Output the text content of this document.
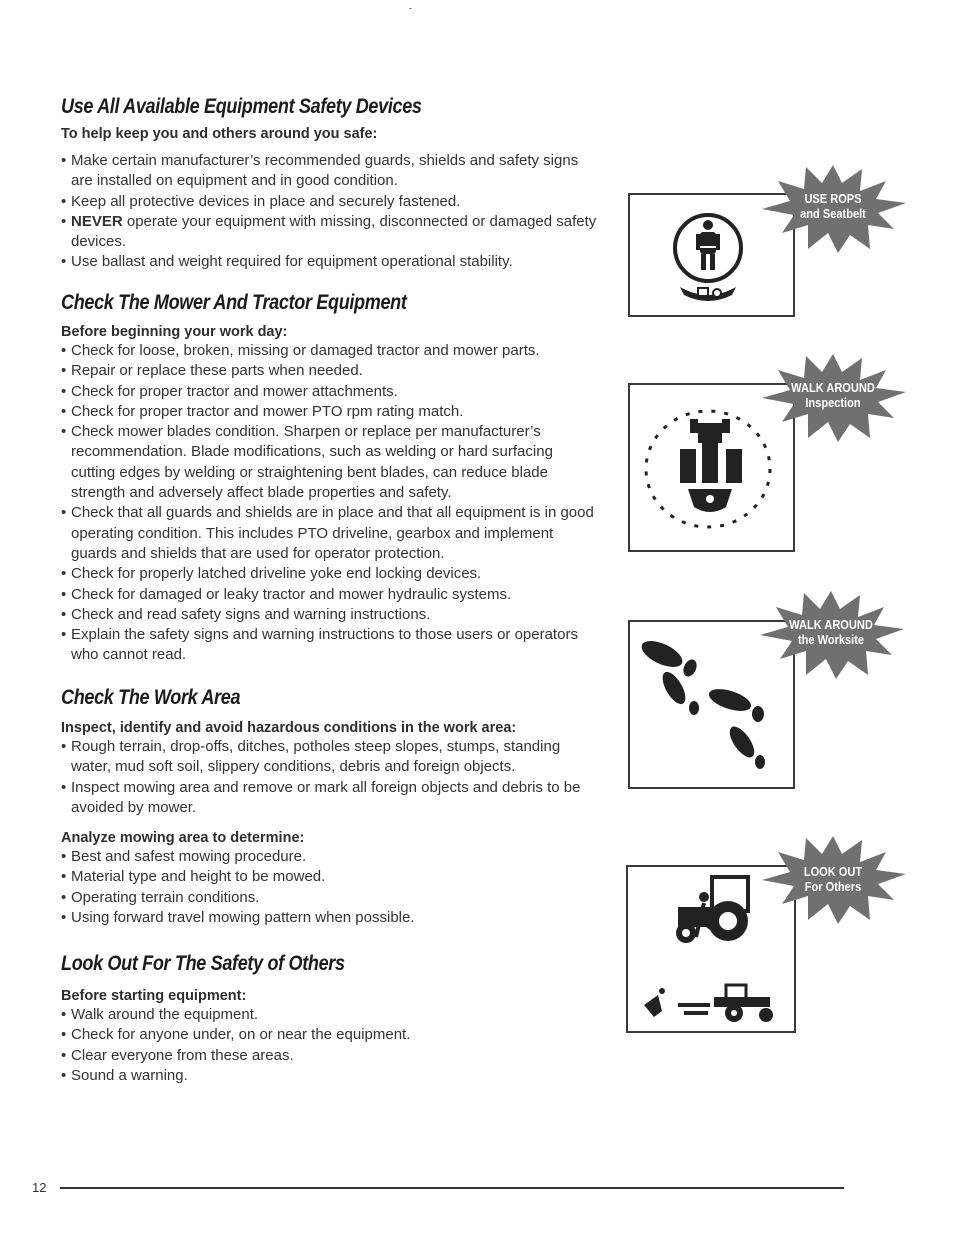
Use All Available Equipment Safety Devices

To help keep you and others around you safe:

• Make certain manufacturer’s recommended guards, shields and safety signs are installed on equipment and in good condition.
• Keep all protective devices in place and securely fastened.
• NEVER operate your equipment with missing, disconnected or damaged safety devices.
• Use ballast and weight required for equipment operational stability.
Check The Mower And Tractor Equipment

Before beginning your work day:

• Check for loose, broken, missing or damaged tractor and mower parts.
• Repair or replace these parts when needed.
• Check for proper tractor and mower attachments.
• Check for proper tractor and mower PTO rpm rating match.
• Check mower blades condition. Sharpen or replace per manufacturer’s recommendation. Blade modifications, such as welding or hard surfacing cutting edges by welding or straightening bent blades, can reduce blade strength and adversely affect blade properties and safety.
• Check that all guards and shields are in place and that all equipment is in good operating condition. This includes PTO driveline, gearbox and implement guards and shields that are used for operator protection.
• Check for properly latched driveline yoke end locking devices.
• Check for damaged or leaky tractor and mower hydraulic systems.
• Check and read safety signs and warning instructions.
• Explain the safety signs and warning instructions to those users or operators who cannot read.
Check The Work Area

Inspect, identify and avoid hazardous conditions in the work area:

• Rough terrain, drop-offs, ditches, potholes steep slopes, stumps, standing water, mud soft soil, slippery conditions, debris and foreign objects.
• Inspect mowing area and remove or mark all foreign objects and debris to be avoided by mower.

Analyze mowing area to determine:

• Best and safest mowing procedure.
• Material type and height to be mowed.
• Operating terrain conditions.
• Using forward travel mowing pattern when possible.
Look Out For The Safety of Others

Before starting equipment:

• Walk around the equipment.
• Check for anyone under, on or near the equipment.
• Clear everyone from these areas.
• Sound a warning.
USE ROPS
and Seatbelt
WALK AROUND
Inspection
WALK AROUND
the Worksite
LOOK OUT
For Others
12
